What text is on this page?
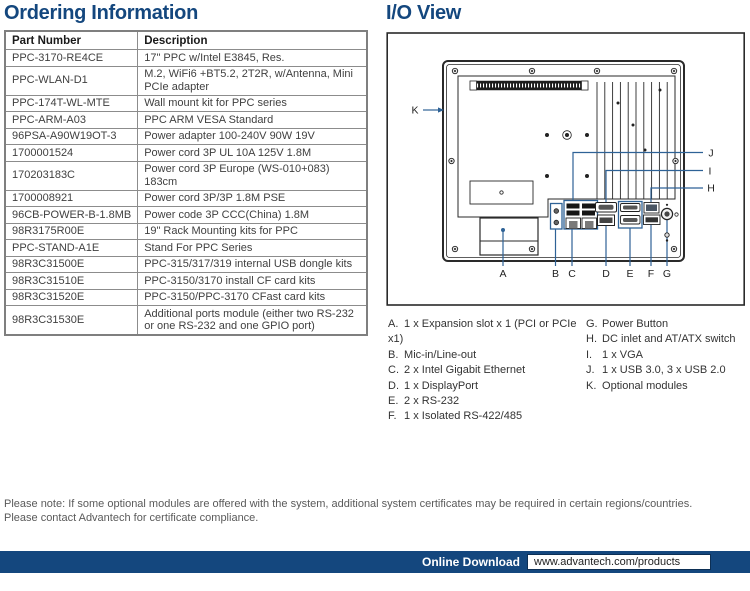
Ordering Information
Part Number	Description
PPC-3170-RE4CE	17" PPC w/Intel E3845, Res.
PPC-WLAN-D1	M.2, WiFi6 +BT5.2, 2T2R, w/Antenna, Mini PCIe adapter
PPC-174T-WL-MTE	Wall mount kit for PPC series
PPC-ARM-A03	PPC ARM VESA Standard
96PSA-A90W19OT-3	Power adapter 100-240V 90W 19V
1700001524	Power cord 3P UL 10A 125V 1.8M
170203183C	Power cord 3P Europe (WS-010+083) 183cm
1700008921	Power cord 3P/3P 1.8M PSE
96CB-POWER-B-1.8MB	Power code 3P CCC(China) 1.8M
98R3175R00E	19" Rack Mounting kits for PPC
PPC-STAND-A1E	Stand For PPC Series
98R3C31500E	PPC-315/317/319 internal USB dongle kits
98R3C31510E	PPC-3150/3170 install CF card kits
98R3C31520E	PPC-3150/PPC-3170 CFast card kits
98R3C31530E	Additional ports module (either two RS-232 or one RS-232 and one GPIO port)
I/O View
A	B C	D E F G
H
I
J
K
A. 1 x Expansion slot x 1 (PCI or PCIe x1)
B. Mic-in/Line-out
C. 2 x Intel Gigabit Ethernet
D. 1 x DisplayPort
E. 2 x RS-232
F. 1 x Isolated RS-422/485
G. Power Button
H. DC inlet and AT/ATX switch
I. 1 x VGA
J. 1 x USB 3.0, 3 x USB 2.0
K. Optional modules

Please note: If some optional modules are offered with the system, additional system certificates may be required in certain regions/countries.

Please contact Advantech for certificate compliance.

Online Download	www.advantech.com/products
